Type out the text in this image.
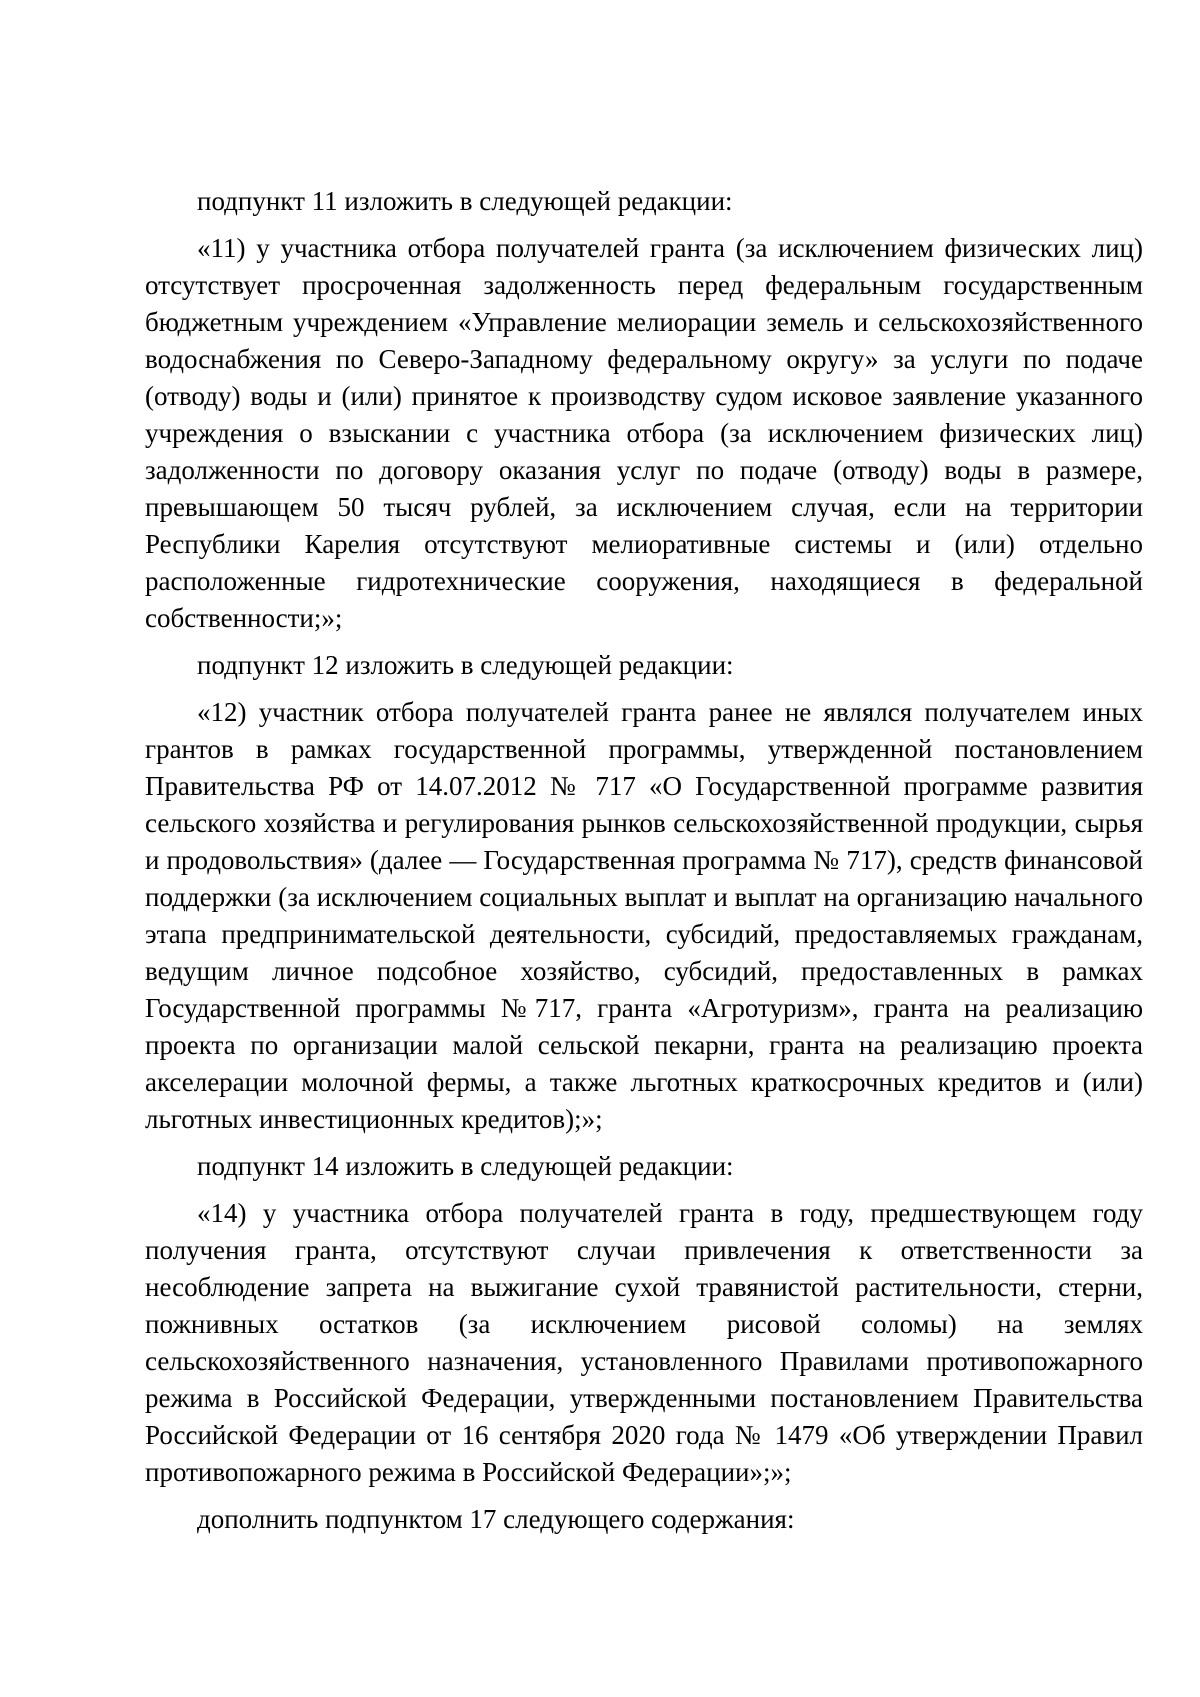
подпункт 11 изложить в следующей редакции:

«11) у участника отбора получателей гранта (за исключением физических лиц) отсутствует просроченная задолженность перед федеральным государственным бюджетным учреждением «Управление мелиорации земель и сельскохозяйственного водоснабжения по Северо-Западному федеральному округу» за услуги по подаче (отводу) воды и (или) принятое к производству судом исковое заявление указанного учреждения о взыскании с участника отбора (за исключением физических лиц) задолженности по договору оказания услуг по подаче (отводу) воды в размере, превышающем 50 тысяч рублей, за исключением случая, если на территории Республики Карелия отсутствуют мелиоративные системы и (или) отдельно расположенные гидротехнические сооружения, находящиеся в федеральной собственности;»;

подпункт 12 изложить в следующей редакции:

«12) участник отбора получателей гранта ранее не являлся получателем иных грантов в рамках государственной программы, утвержденной постановлением Правительства РФ от 14.07.2012 № 717 «О Государственной программе развития сельского хозяйства и регулирования рынков сельскохозяйственной продукции, сырья и продовольствия» (далее — Государственная программа № 717), средств финансовой поддержки (за исключением социальных выплат и выплат на организацию начального этапа предпринимательской деятельности, субсидий, предоставляемых гражданам, ведущим личное подсобное хозяйство, субсидий, предоставленных в рамках Государственной программы №717, гранта «Агротуризм», гранта на реализацию проекта по организации малой сельской пекарни, гранта на реализацию проекта акселерации молочной фермы, а также льготных краткосрочных кредитов и (или) льготных инвестиционных кредитов);»;

подпункт 14 изложить в следующей редакции:

«14) у участника отбора получателей гранта в году, предшествующем году получения гранта, отсутствуют случаи привлечения к ответственности за несоблюдение запрета на выжигание сухой травянистой растительности, стерни, пожнивных остатков (за исключением рисовой соломы) на землях сельскохозяйственного назначения, установленного Правилами противопожарного режима в Российской Федерации, утвержденными постановлением Правительства Российской Федерации от 16 сентября 2020 года № 1479 «Об утверждении Правил противопожарного режима в Российской Федерации»;»;

дополнить подпунктом 17 следующего содержания:
